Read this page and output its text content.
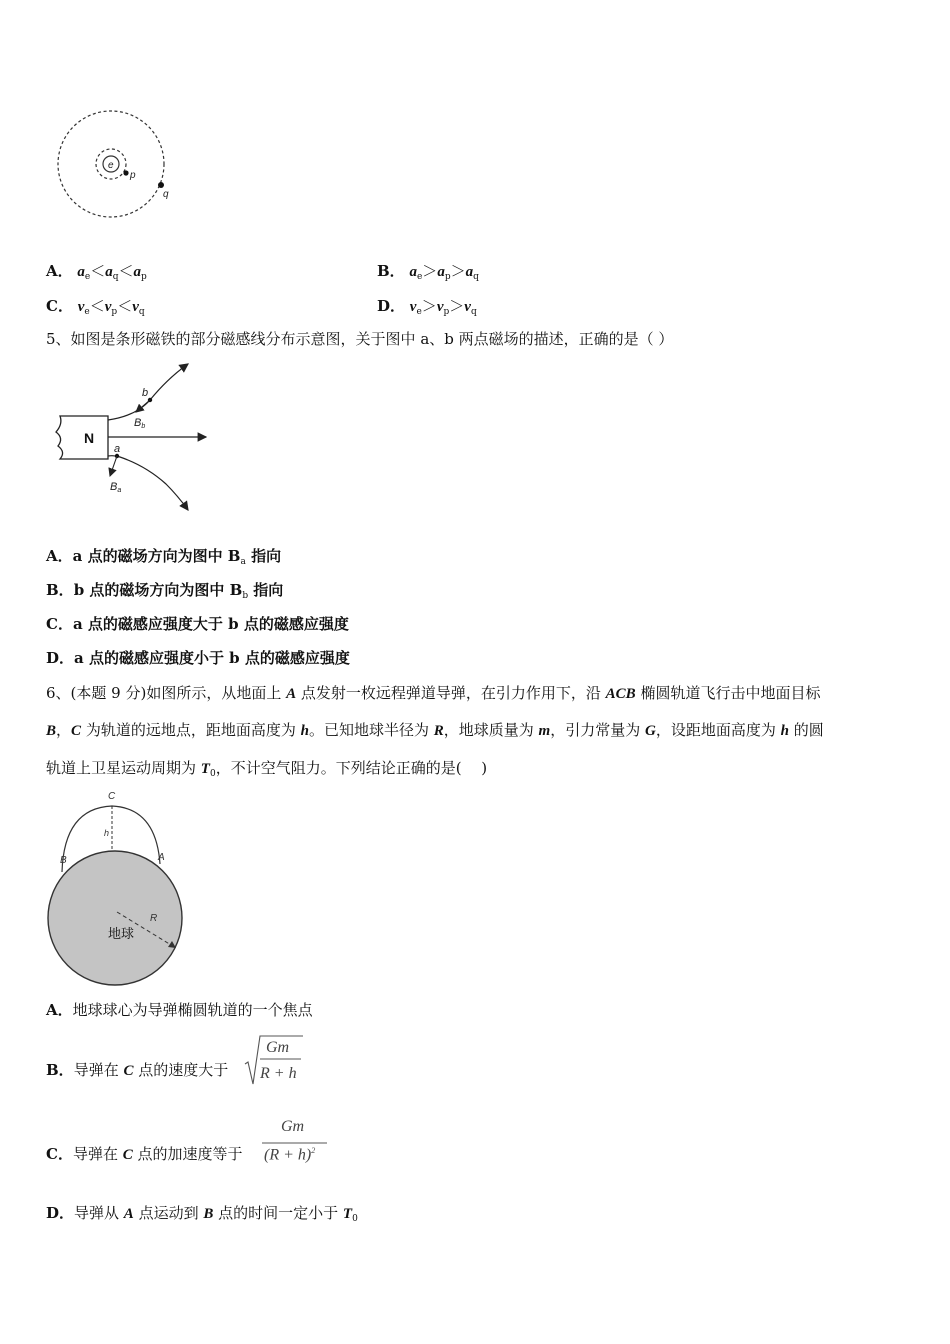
e
p
q
A． $a_e<a_q<a_p$	B． $a_e>a_p>a_q$
C． $v_e<v_p<v_q$	D． $v_e>v_p>v_q$
5、如图是条形磁铁的部分磁感线分布示意图，关于图中 a、b 两点磁场的描述，正确的是（ ）
N
b
Bb
a
Ba
A．a 点的磁场方向为图中 $B_a$ 指向
B．b 点的磁场方向为图中 $B_b$ 指向
C．a 点的磁感应强度大于 b 点的磁感应强度
D．a 点的磁感应强度小于 b 点的磁感应强度
6、(本题 9 分)如图所示，从地面上 A 点发射一枚远程弹道导弹，在引力作用下，沿 ACB 椭圆轨道飞行击中地面目标
B，C 为轨道的远地点，距地面高度为 h。已知地球半径为 R，地球质量为 m，引力常量为 G，设距地面高度为 h 的圆
轨道上卫星运动周期为 $T_0$，不计空气阻力。下列结论正确的是(　 )
C
h
B	A
R
地球
A．地球球心为导弹椭圆轨道的一个焦点
B．导弹在 C 点的速度大于
Gm
R + h
C．导弹在 C 点的加速度等于
Gm
$(R + h)^2$
D．导弹从 A 点运动到 B 点的时间一定小于 $T_0$
